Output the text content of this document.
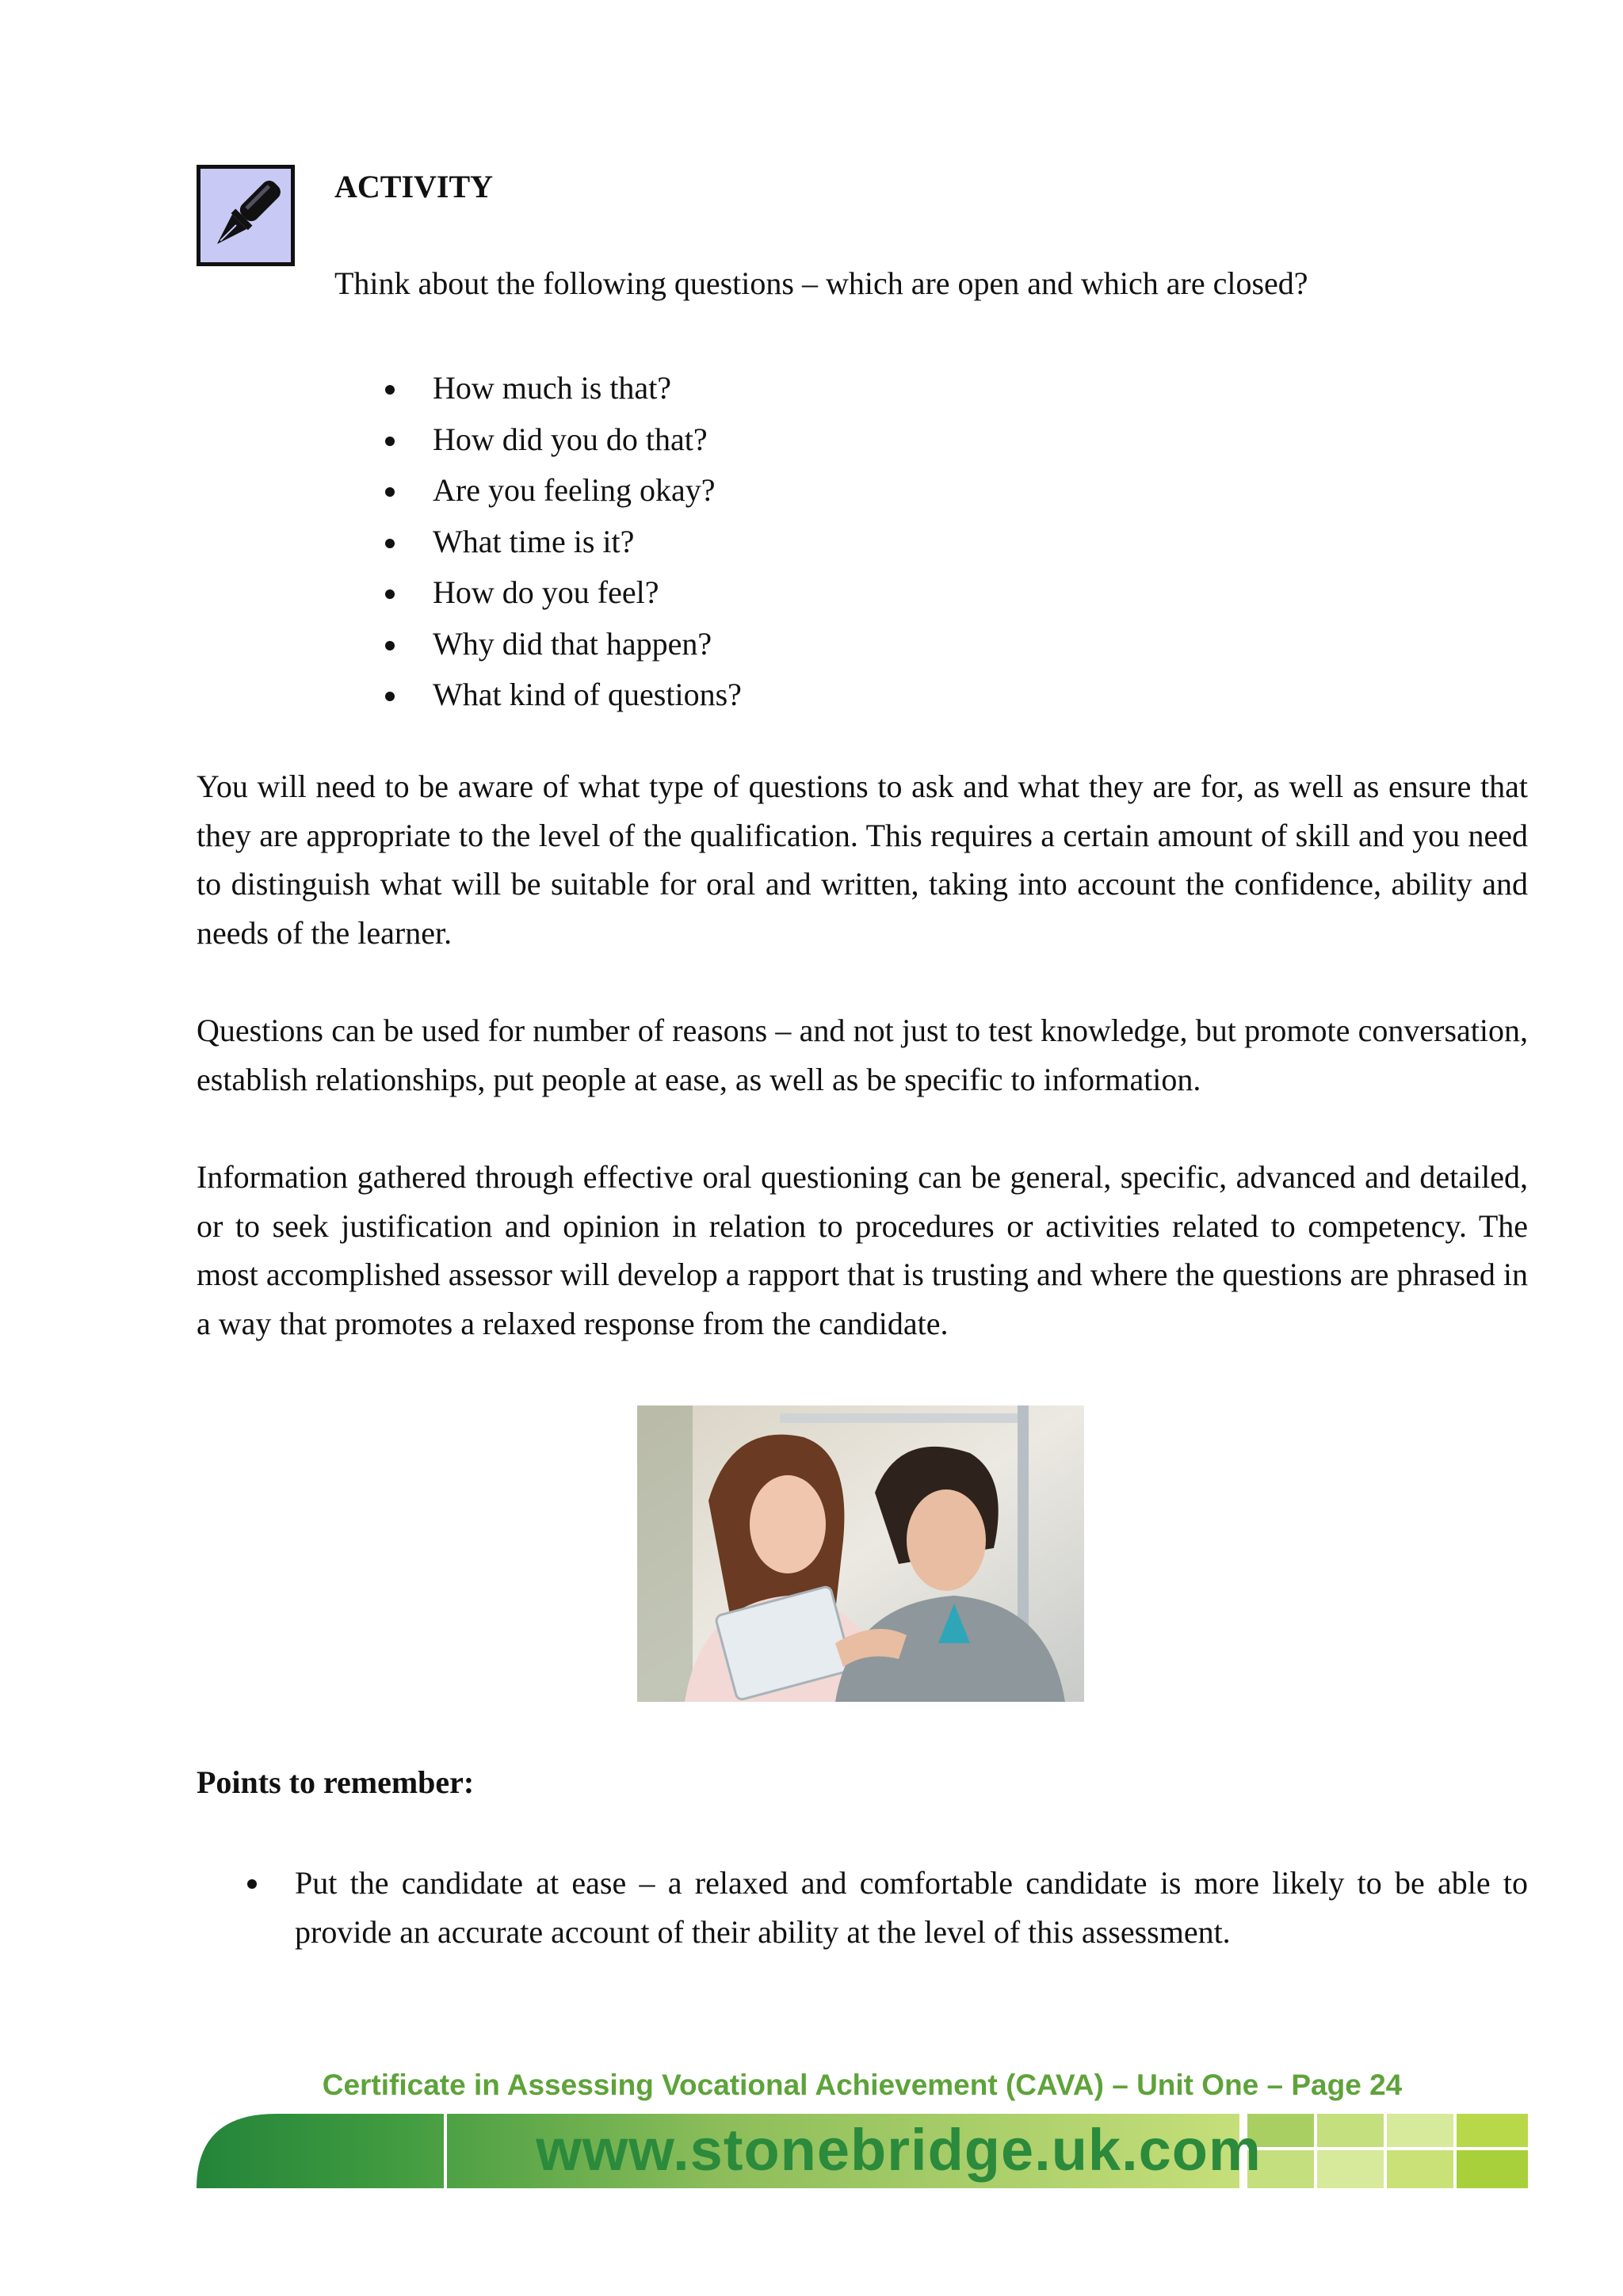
ACTIVITY
Think about the following questions – which are open and which are closed?
How much is that?
How did you do that?
Are you feeling okay?
What time is it?
How do you feel?
Why did that happen?
What kind of questions?

You will need to be aware of what type of questions to ask and what they are for, as well as ensure that they are appropriate to the level of the qualification. This requires a certain amount of skill and you need to distinguish what will be suitable for oral and written, taking into account the confidence, ability and needs of the learner.

Questions can be used for number of reasons – and not just to test knowledge, but promote conversation, establish relationships, put people at ease, as well as be specific to information.

Information gathered through effective oral questioning can be general, specific, advanced and detailed, or to seek justification and opinion in relation to procedures or activities related to competency. The most accomplished assessor will develop a rapport that is trusting and where the questions are phrased in a way that promotes a relaxed response from the candidate.

Points to remember:
Put the candidate at ease – a relaxed and comfortable candidate is more likely to be able to provide an accurate account of their ability at the level of this assessment.
Certificate in Assessing Vocational Achievement (CAVA) – Unit One – Page 24
www.stonebridge.uk.com
